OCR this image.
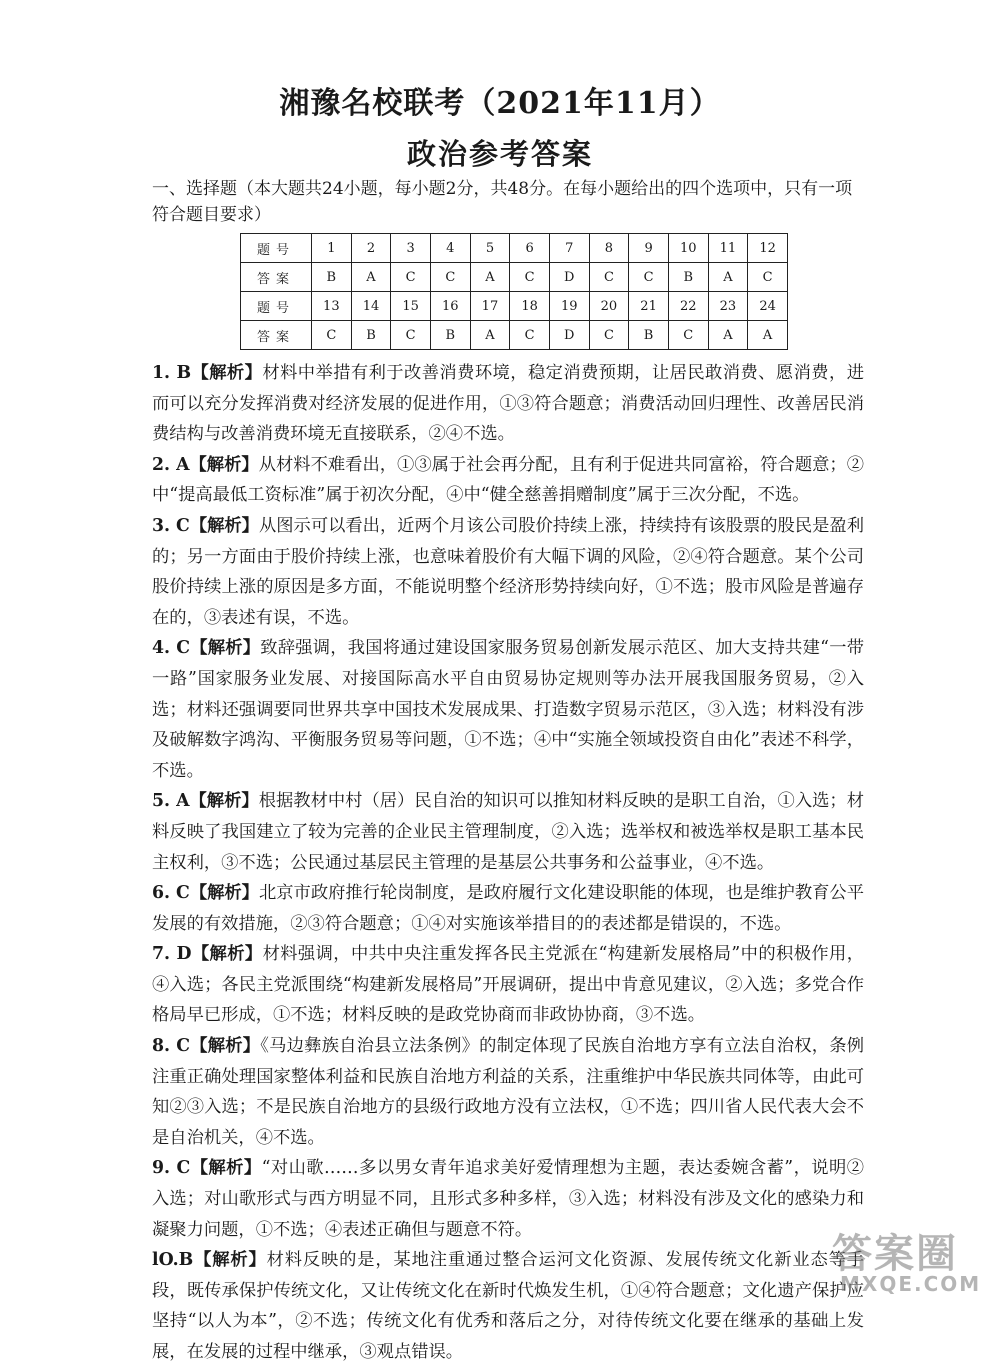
湘豫名校联考（2021年11月）
政治参考答案
一、选择题（本大题共24小题，每小题2分，共48分。在每小题给出的四个选项中，只有一项符合题目要求）
题号	1	2	3	4	5	6	7	8	9	10	11	12
答案	B	A	C	C	A	C	D	C	C	B	A	C
题号	13	14	15	16	17	18	19	20	21	22	23	24
答案	C	B	C	B	A	C	D	C	B	C	A	A

1. B【解析】材料中举措有利于改善消费环境，稳定消费预期，让居民敢消费、愿消费，进而可以充分发挥消费对经济发展的促进作用，①③符合题意；消费活动回归理性、改善居民消费结构与改善消费环境无直接联系，②④不选。

2. A【解析】从材料不难看出，①③属于社会再分配，且有利于促进共同富裕，符合题意；②中“提高最低工资标准”属于初次分配，④中“健全慈善捐赠制度”属于三次分配，不选。

3. C【解析】从图示可以看出，近两个月该公司股价持续上涨，持续持有该股票的股民是盈利的；另一方面由于股价持续上涨，也意味着股价有大幅下调的风险，②④符合题意。某个公司股价持续上涨的原因是多方面，不能说明整个经济形势持续向好，①不选；股市风险是普遍存在的，③表述有误，不选。

4. C【解析】致辞强调，我国将通过建设国家服务贸易创新发展示范区、加大支持共建“一带一路”国家服务业发展、对接国际高水平自由贸易协定规则等办法开展我国服务贸易，②入选；材料还强调要同世界共享中国技术发展成果、打造数字贸易示范区，③入选；材料没有涉及破解数字鸿沟、平衡服务贸易等问题，①不选；④中“实施全领域投资自由化”表述不科学，不选。

5. A【解析】根据教材中村（居）民自治的知识可以推知材料反映的是职工自治，①入选；材料反映了我国建立了较为完善的企业民主管理制度，②入选；选举权和被选举权是职工基本民主权利，③不选；公民通过基层民主管理的是基层公共事务和公益事业，④不选。

6. C【解析】北京市政府推行轮岗制度，是政府履行文化建设职能的体现，也是维护教育公平发展的有效措施，②③符合题意；①④对实施该举措目的的表述都是错误的，不选。

7. D【解析】材料强调，中共中央注重发挥各民主党派在“构建新发展格局”中的积极作用，④入选；各民主党派围绕“构建新发展格局”开展调研，提出中肯意见建议，②入选；多党合作格局早已形成，①不选；材料反映的是政党协商而非政协协商，③不选。

8. C【解析】《马边彝族自治县立法条例》的制定体现了民族自治地方享有立法自治权，条例注重正确处理国家整体利益和民族自治地方利益的关系，注重维护中华民族共同体等，由此可知②③入选；不是民族自治地方的县级行政地方没有立法权，①不选；四川省人民代表大会不是自治机关，④不选。

9. C【解析】“对山歌……多以男女青年追求美好爱情理想为主题，表达委婉含蓄”，说明②入选；对山歌形式与西方明显不同，且形式多种多样，③入选；材料没有涉及文化的感染力和凝聚力问题，①不选；④表述正确但与题意不符。

lO.B【解析】材料反映的是，某地注重通过整合运河文化资源、发展传统文化新业态等手段，既传承保护传统文化，又让传统文化在新时代焕发生机，①④符合题意；文化遗产保护应坚持“以人为本”，②不选；传统文化有优秀和落后之分，对待传统文化要在继承的基础上发展，在发展的过程中继承，③观点错误。

答案圈
MXQE.COM
